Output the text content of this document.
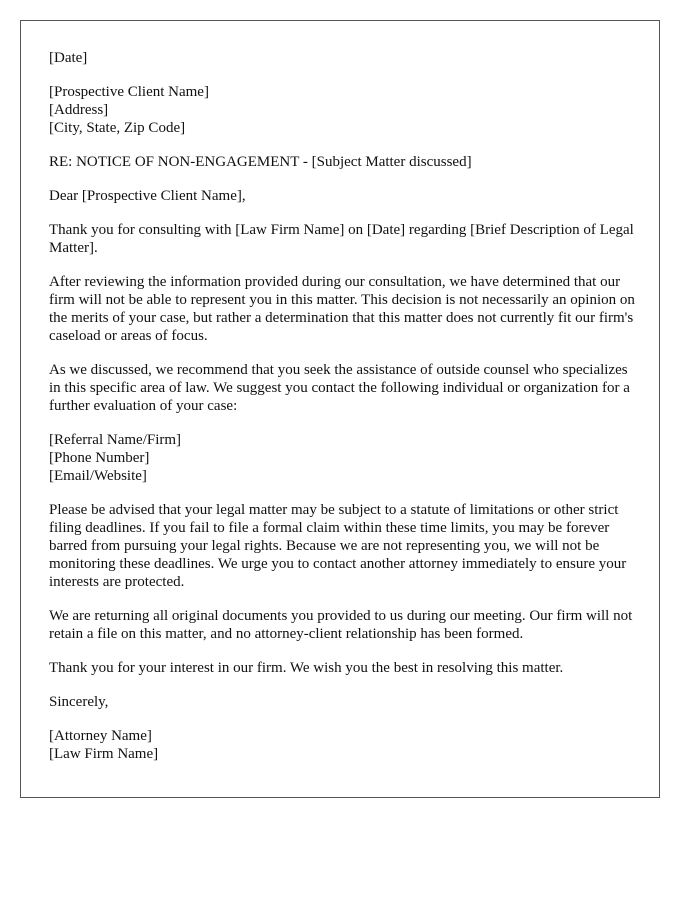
[Date]
[Prospective Client Name]
[Address]
[City, State, Zip Code]
RE: NOTICE OF NON-ENGAGEMENT - [Subject Matter discussed]
Dear [Prospective Client Name],

Thank you for consulting with [Law Firm Name] on [Date] regarding [Brief Description of Legal Matter].

After reviewing the information provided during our consultation, we have determined that our firm will not be able to represent you in this matter. This decision is not necessarily an opinion on the merits of your case, but rather a determination that this matter does not currently fit our firm's caseload or areas of focus.

As we discussed, we recommend that you seek the assistance of outside counsel who specializes in this specific area of law. We suggest you contact the following individual or organization for a further evaluation of your case:

[Referral Name/Firm]
[Phone Number]
[Email/Website]

Please be advised that your legal matter may be subject to a statute of limitations or other strict filing deadlines. If you fail to file a formal claim within these time limits, you may be forever barred from pursuing your legal rights. Because we are not representing you, we will not be monitoring these deadlines. We urge you to contact another attorney immediately to ensure your interests are protected.

We are returning all original documents you provided to us during our meeting. Our firm will not retain a file on this matter, and no attorney-client relationship has been formed.

Thank you for your interest in our firm. We wish you the best in resolving this matter.

Sincerely,
[Attorney Name]
[Law Firm Name]
